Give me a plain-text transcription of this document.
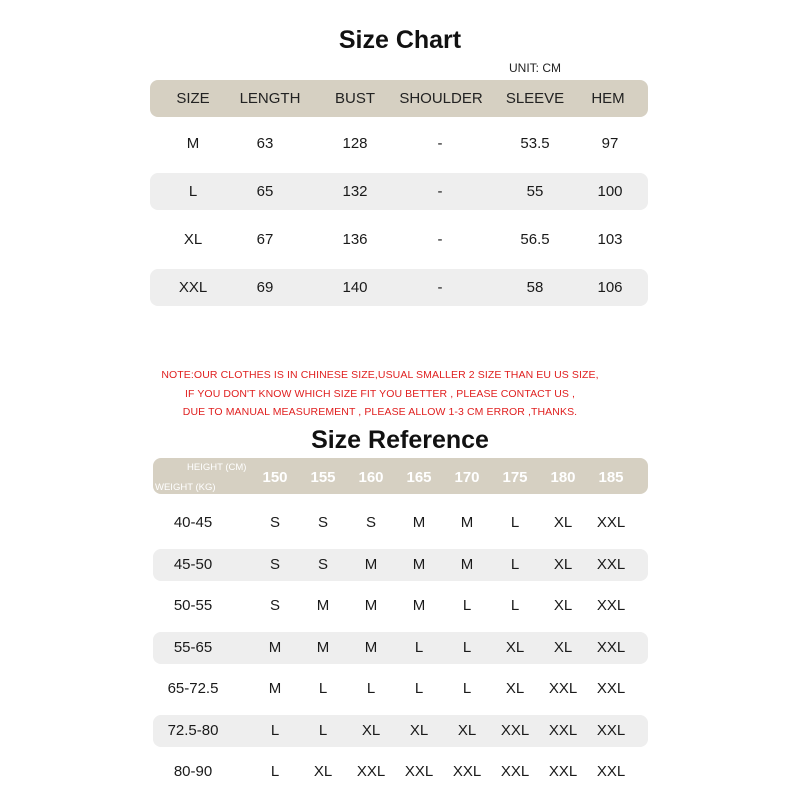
Size Chart
UNIT: CM
SIZE	LENGTH	BUST	SHOULDER	SLEEVE	HEM
M	63	128	-	53.5	97
L	65	132	-	55	100
XL	67	136	-	56.5	103
XXL	69	140	-	58	106
NOTE:OUR CLOTHES IS IN CHINESE SIZE,USUAL SMALLER 2 SIZE THAN EU US SIZE,
IF YOU DON'T KNOW WHICH SIZE FIT YOU BETTER , PLEASE CONTACT US ,
DUE TO MANUAL MEASUREMENT , PLEASE ALLOW 1-3 CM ERROR ,THANKS.
Size Reference
HEIGHT (CM)
WEIGHT (KG)
150	155	160	165	170	175	180	185
40-45	S	S	S	M	M	L	XL	XXL
45-50	S	S	M	M	M	L	XL	XXL
50-55	S	M	M	M	L	L	XL	XXL
55-65	M	M	M	L	L	XL	XL	XXL
65-72.5	M	L	L	L	L	XL	XXL	XXL
72.5-80	L	L	XL	XL	XL	XXL	XXL	XXL
80-90	L	XL	XXL	XXL	XXL	XXL	XXL	XXL
